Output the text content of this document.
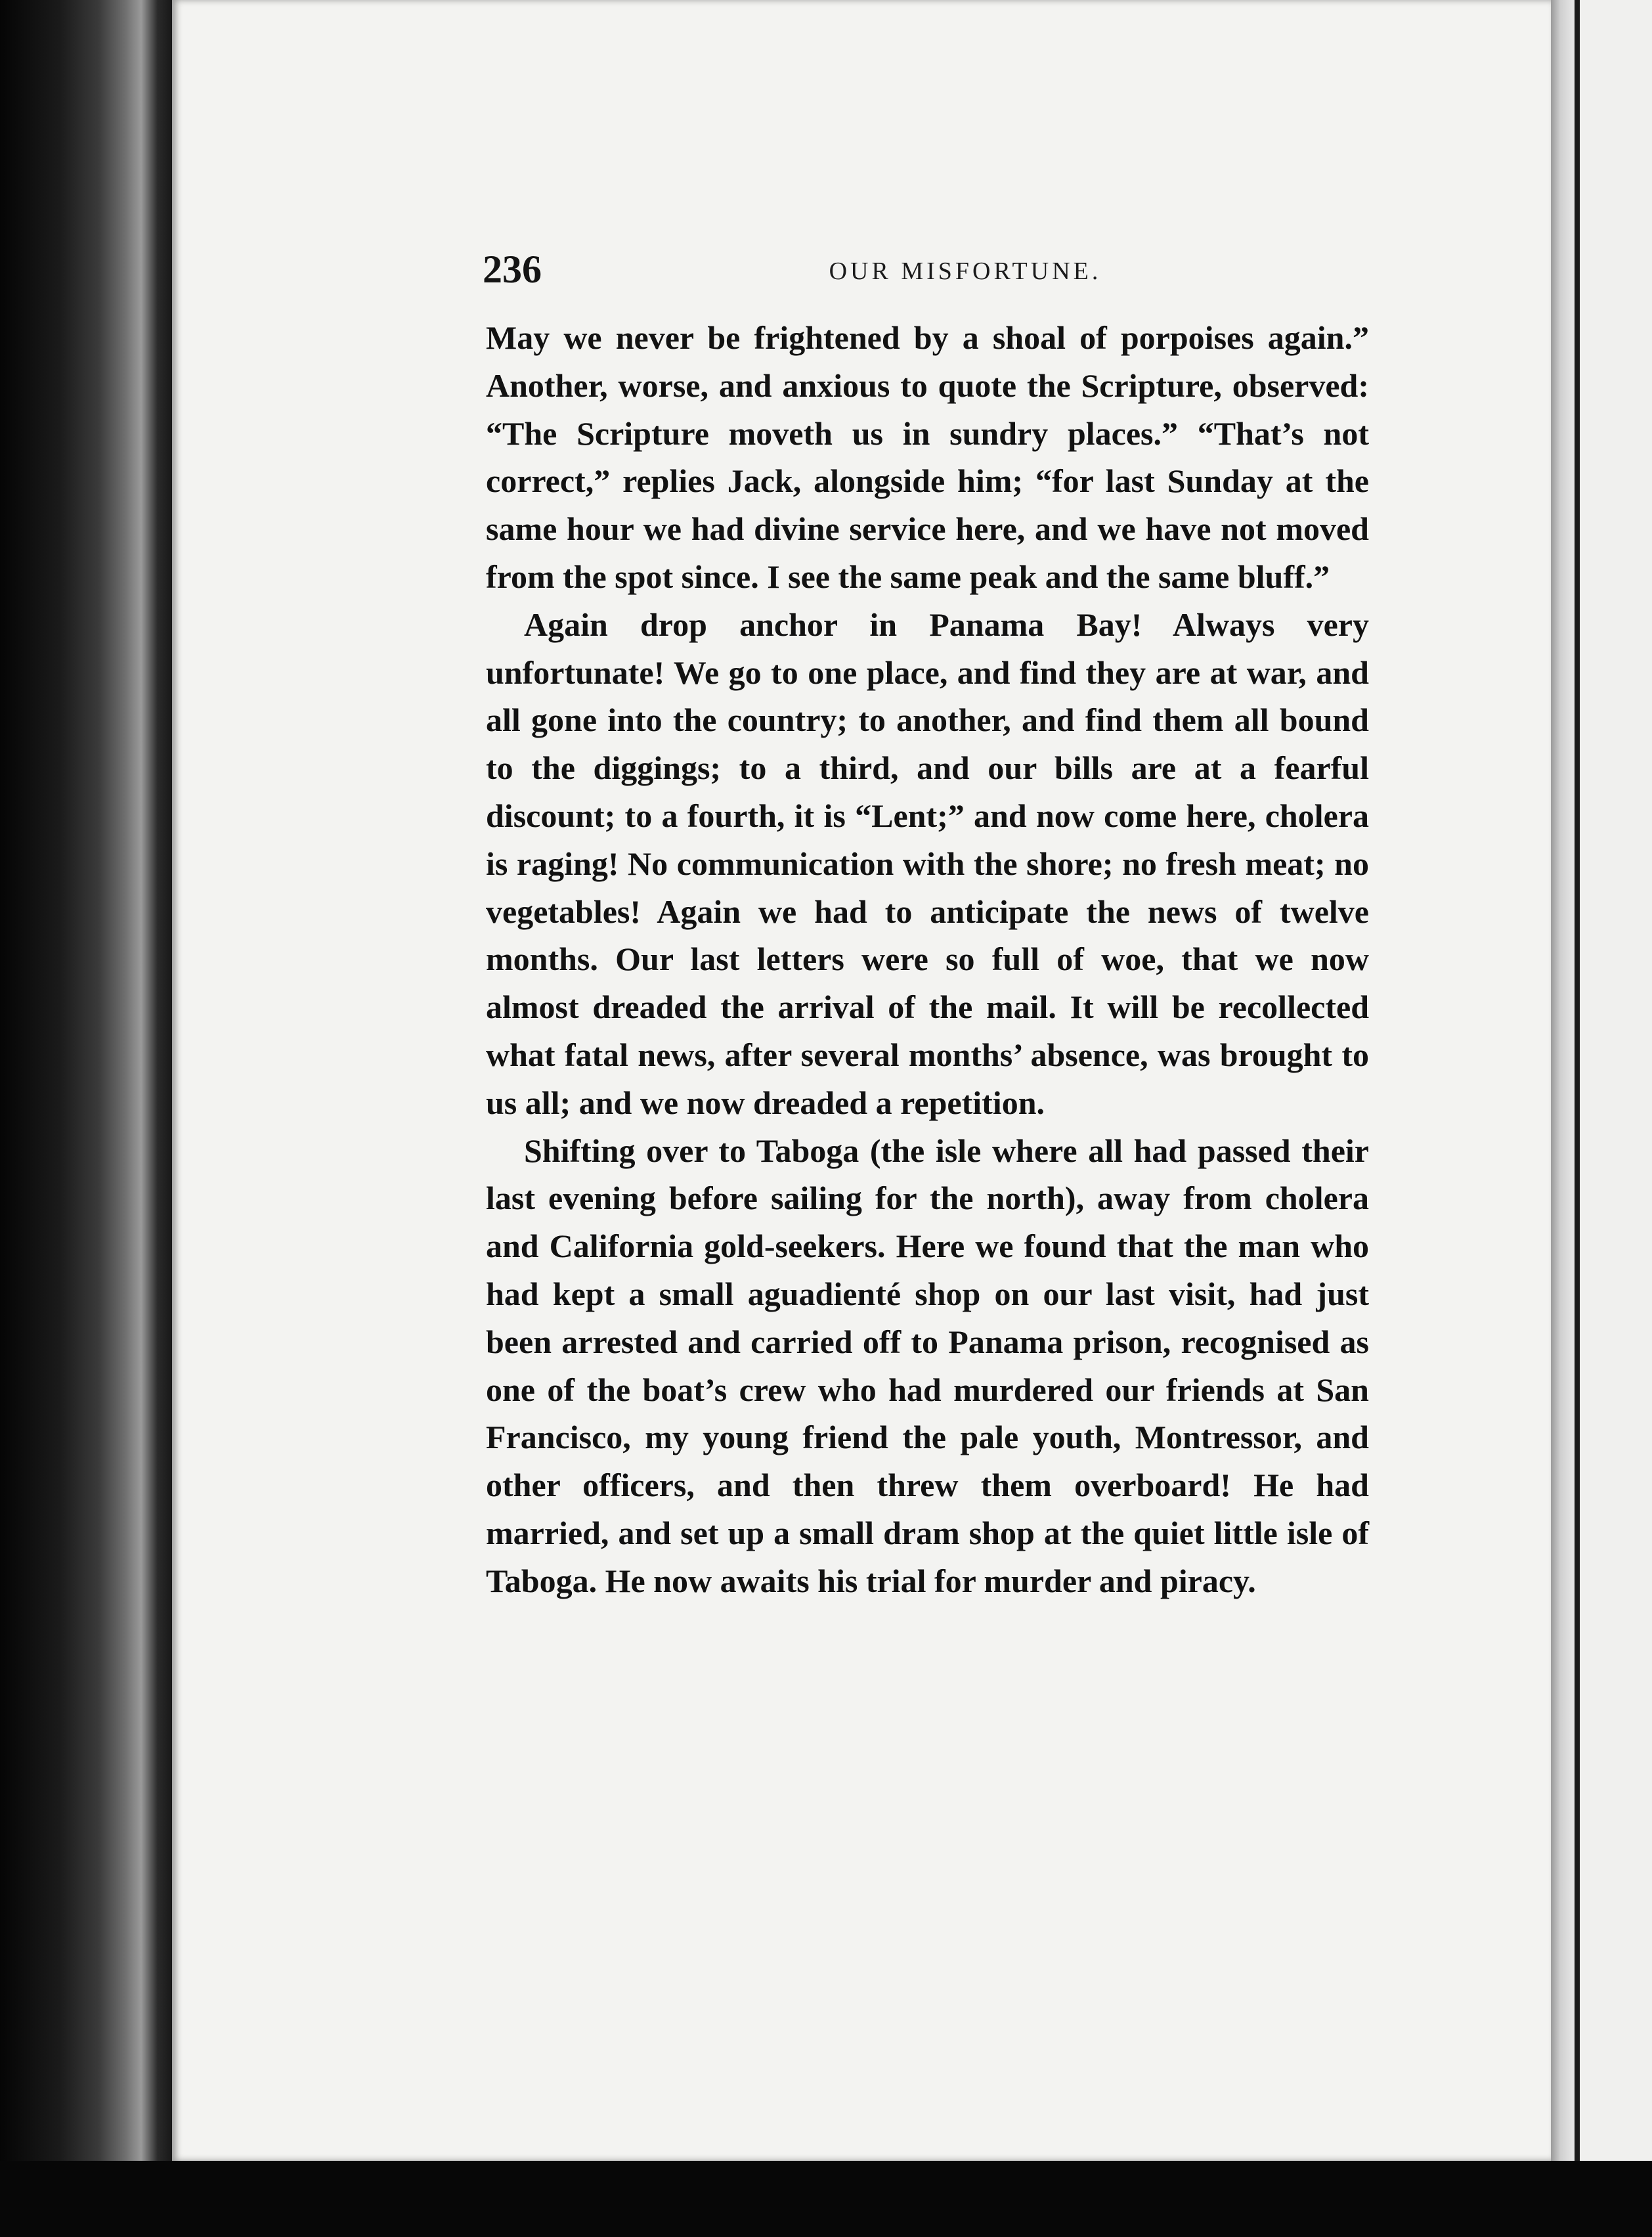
236	OUR MISFORTUNE.

May we never be frightened by a shoal of porpoises again.” Another, worse, and anxious to quote the Scripture, observed: “The Scripture moveth us in sundry places.” “That’s not correct,” replies Jack, alongside him; “for last Sunday at the same hour we had divine service here, and we have not moved from the spot since. I see the same peak and the same bluff.”

Again drop anchor in Panama Bay! Always very unfortunate! We go to one place, and find they are at war, and all gone into the country; to another, and find them all bound to the diggings; to a third, and our bills are at a fearful discount; to a fourth, it is “Lent;” and now come here, cholera is raging! No communication with the shore; no fresh meat; no vegetables! Again we had to anticipate the news of twelve months. Our last letters were so full of woe, that we now almost dreaded the arrival of the mail. It will be recollected what fatal news, after several months’ absence, was brought to us all; and we now dreaded a repetition.

Shifting over to Taboga (the isle where all had passed their last evening before sailing for the north), away from cholera and California gold-seekers. Here we found that the man who had kept a small aguadienté shop on our last visit, had just been arrested and carried off to Panama prison, recognised as one of the boat’s crew who had murdered our friends at San Francisco, my young friend the pale youth, Montressor, and other officers, and then threw them overboard! He had married, and set up a small dram shop at the quiet little isle of Taboga. He now awaits his trial for murder and piracy.
